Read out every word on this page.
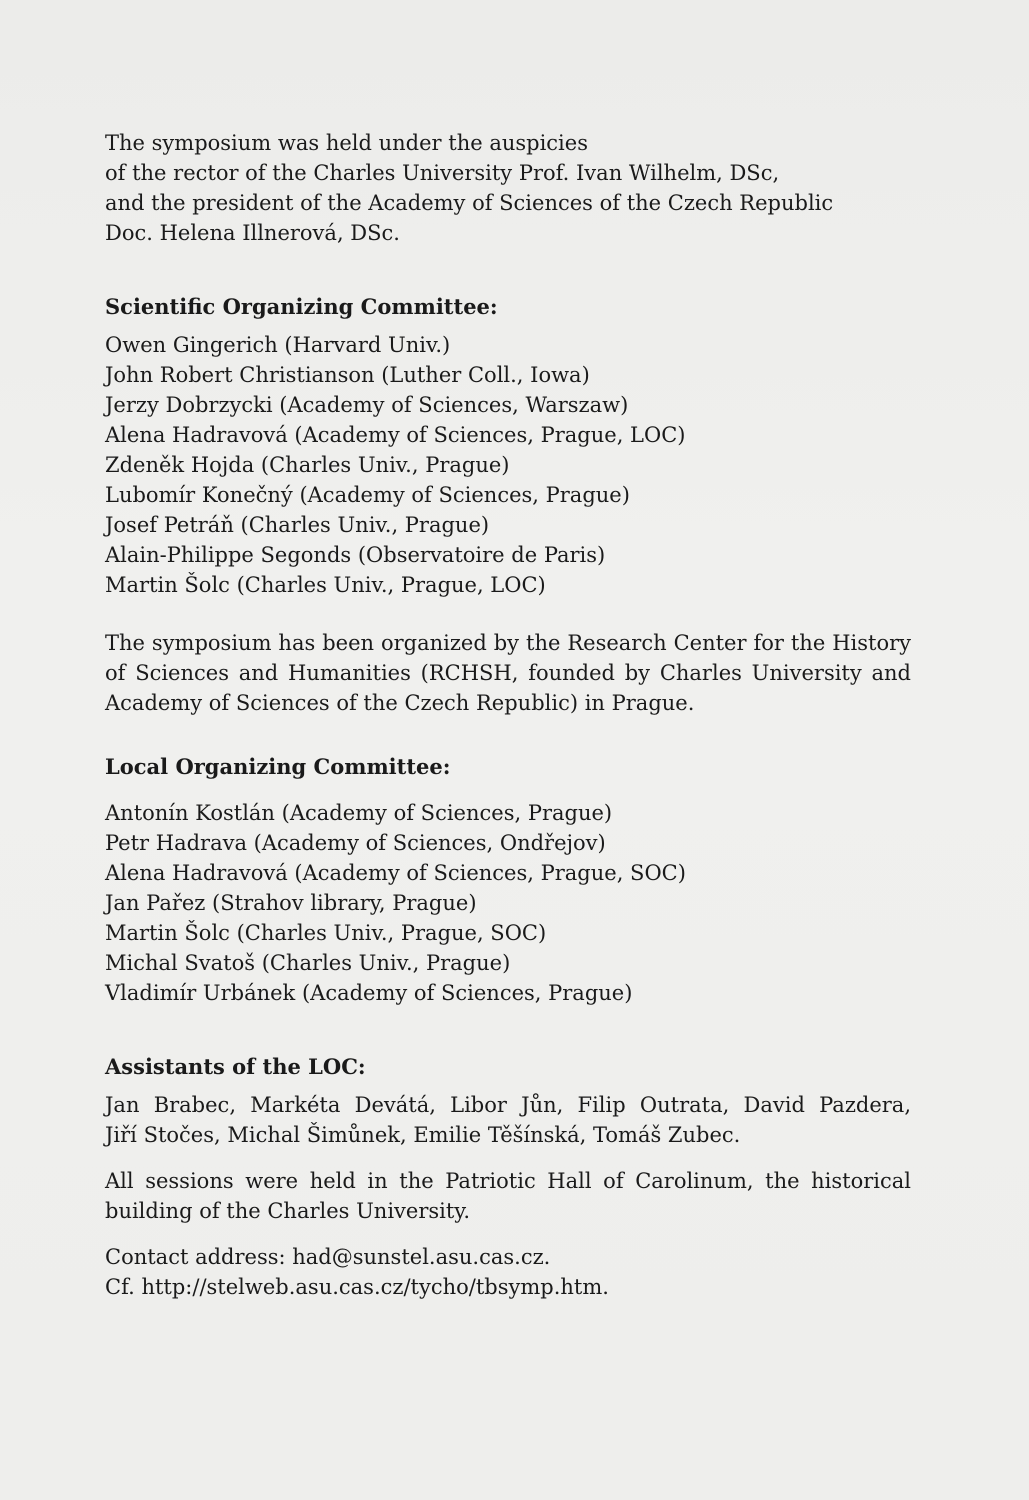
The symposium was held under the auspicies
of the rector of the Charles University Prof. Ivan Wilhelm, DSc,
and the president of the Academy of Sciences of the Czech Republic
Doc. Helena Illnerová, DSc.
Scientific Organizing Committee:
Owen Gingerich (Harvard Univ.)
John Robert Christianson (Luther Coll., Iowa)
Jerzy Dobrzycki (Academy of Sciences, Warszaw)
Alena Hadravová (Academy of Sciences, Prague, LOC)
Zdeněk Hojda (Charles Univ., Prague)
Lubomír Konečný (Academy of Sciences, Prague)
Josef Petráň (Charles Univ., Prague)
Alain-Philippe Segonds (Observatoire de Paris)
Martin Šolc (Charles Univ., Prague, LOC)
The symposium has been organized by the Research Center for the History
of Sciences and Humanities (RCHSH, founded by Charles University and
Academy of Sciences of the Czech Republic) in Prague.
Local Organizing Committee:
Antonín Kostlán (Academy of Sciences, Prague)
Petr Hadrava (Academy of Sciences, Ondřejov)
Alena Hadravová (Academy of Sciences, Prague, SOC)
Jan Pařez (Strahov library, Prague)
Martin Šolc (Charles Univ., Prague, SOC)
Michal Svatoš (Charles Univ., Prague)
Vladimír Urbánek (Academy of Sciences, Prague)
Assistants of the LOC:
Jan Brabec, Markéta Devátá, Libor Jůn, Filip Outrata, David Pazdera,
Jiří Stočes, Michal Šimůnek, Emilie Těšínská, Tomáš Zubec.
All sessions were held in the Patriotic Hall of Carolinum, the historical
building of the Charles University.
Contact address: had@sunstel.asu.cas.cz.
Cf. http://stelweb.asu.cas.cz/tycho/tbsymp.htm.
